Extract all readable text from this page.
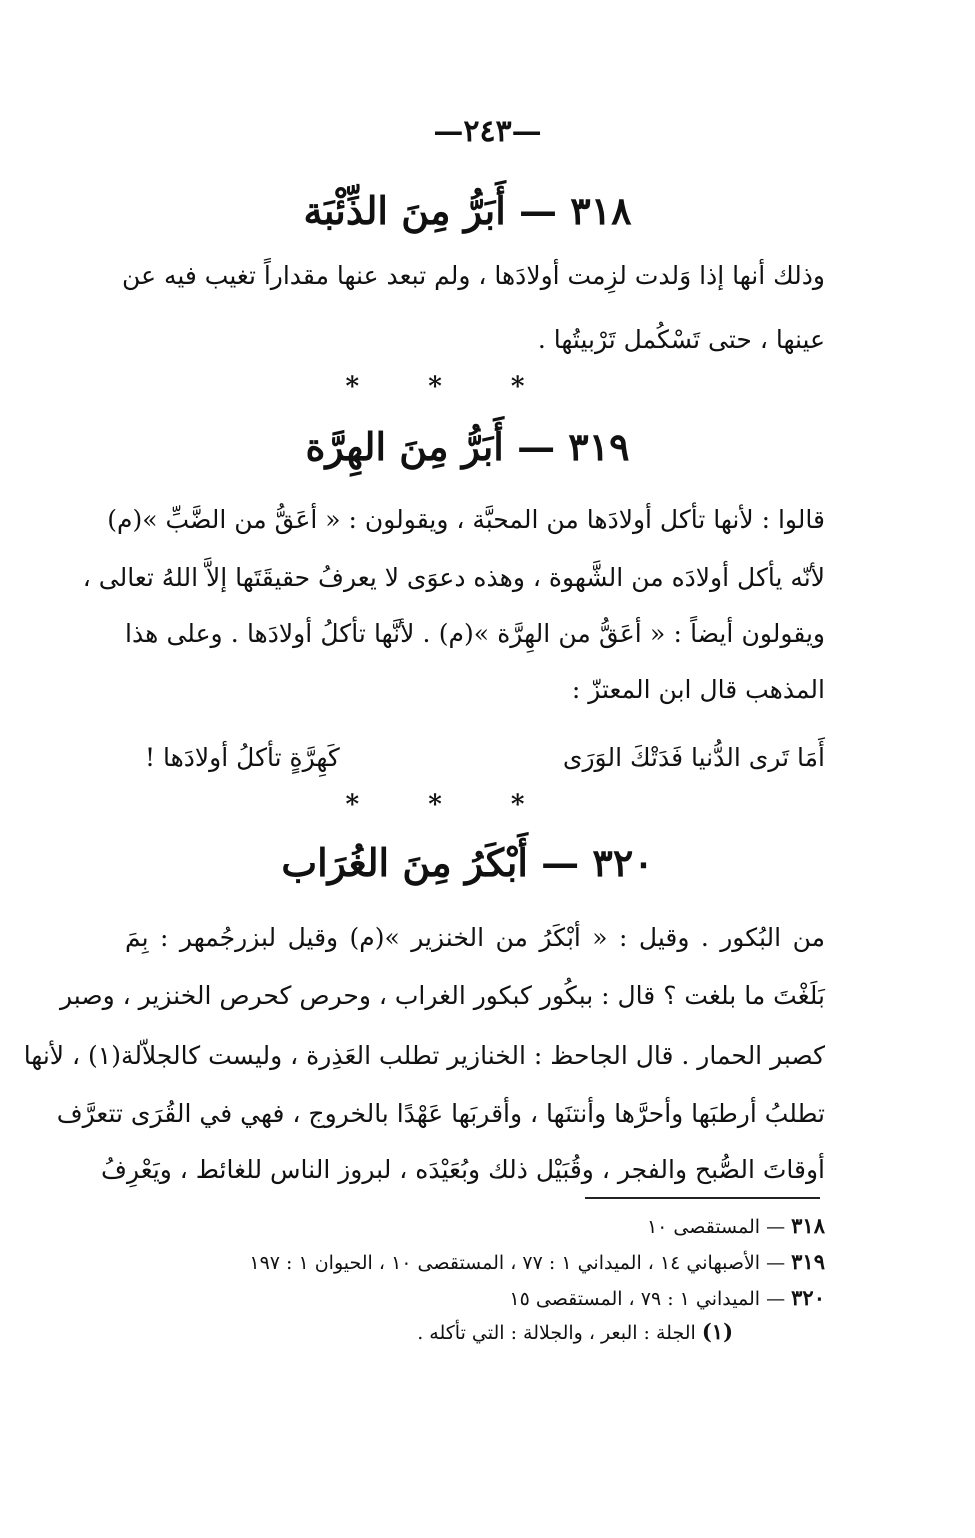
—٢٤٣—
٣١٨ — أَبَرُّ مِنَ الذِّئْبَة
وذلك أنها إذا وَلدت لزِمت أولادَها ، ولم تبعد عنها مقداراً تغيب فيه عن
عينها ، حتى تَسْكُمل تَرْبيتُها .
* * *
٣١٩ — أَبَرُّ مِنَ الهِرَّة
قالوا : لأنها تأكل أولادَها من المحبَّة ، ويقولون : « أعَقُّ من الضَّبِّ »(م)
لأنّه يأكل أولادَه من الشَّهوة ، وهذه دعوَى لا يعرفُ حقيقَتَها إلاَّ اللهُ تعالى ،
ويقولون أيضاً : « أعَقُّ من الهِرَّة »(م) . لأنَّها تأكلُ أولادَها . وعلى هذا
المذهب قال ابن المعتزّ :
أَمَا تَرى الدُّنيا فَدَتْكَ الوَرَى
كَهِرَّةٍ تأكلُ أولادَها !
* * *
٣٢٠ — أَبْكَرُ مِنَ الغُرَاب
من البُكور . وقيل : « أبْكَرُ من الخنزير »(م) وقيل لبزرجُمهر : بِمَ
بَلَغْتَ ما بلغت ؟ قال : ببكُور كبكور الغراب ، وحرص كحرص الخنزير ، وصبر
كصبر الحمار . قال الجاحظ : الخنازير تطلب العَذِرة ، وليست كالجلاّلة(١) ، لأنها
تطلبُ أرطبَها وأحرَّها وأنتنَها ، وأقربَها عَهْدًا بالخروج ، فهي في القُرَى تتعرَّف
أوقاتَ الصُّبح والفجر ، وقُبَيْل ذلك وبُعَيْدَه ، لبروز الناس للغائط ، ويَعْرِفُ
٣١٨ — المستقصى ١٠
٣١٩ — الأصبهاني ١٤ ، الميداني ١ : ٧٧ ، المستقصى ١٠ ، الحيوان ١ : ١٩٧
٣٢٠ — الميداني ١ : ٧٩ ، المستقصى ١٥
(١) الجلة : البعر ، والجلالة : التي تأكله .
